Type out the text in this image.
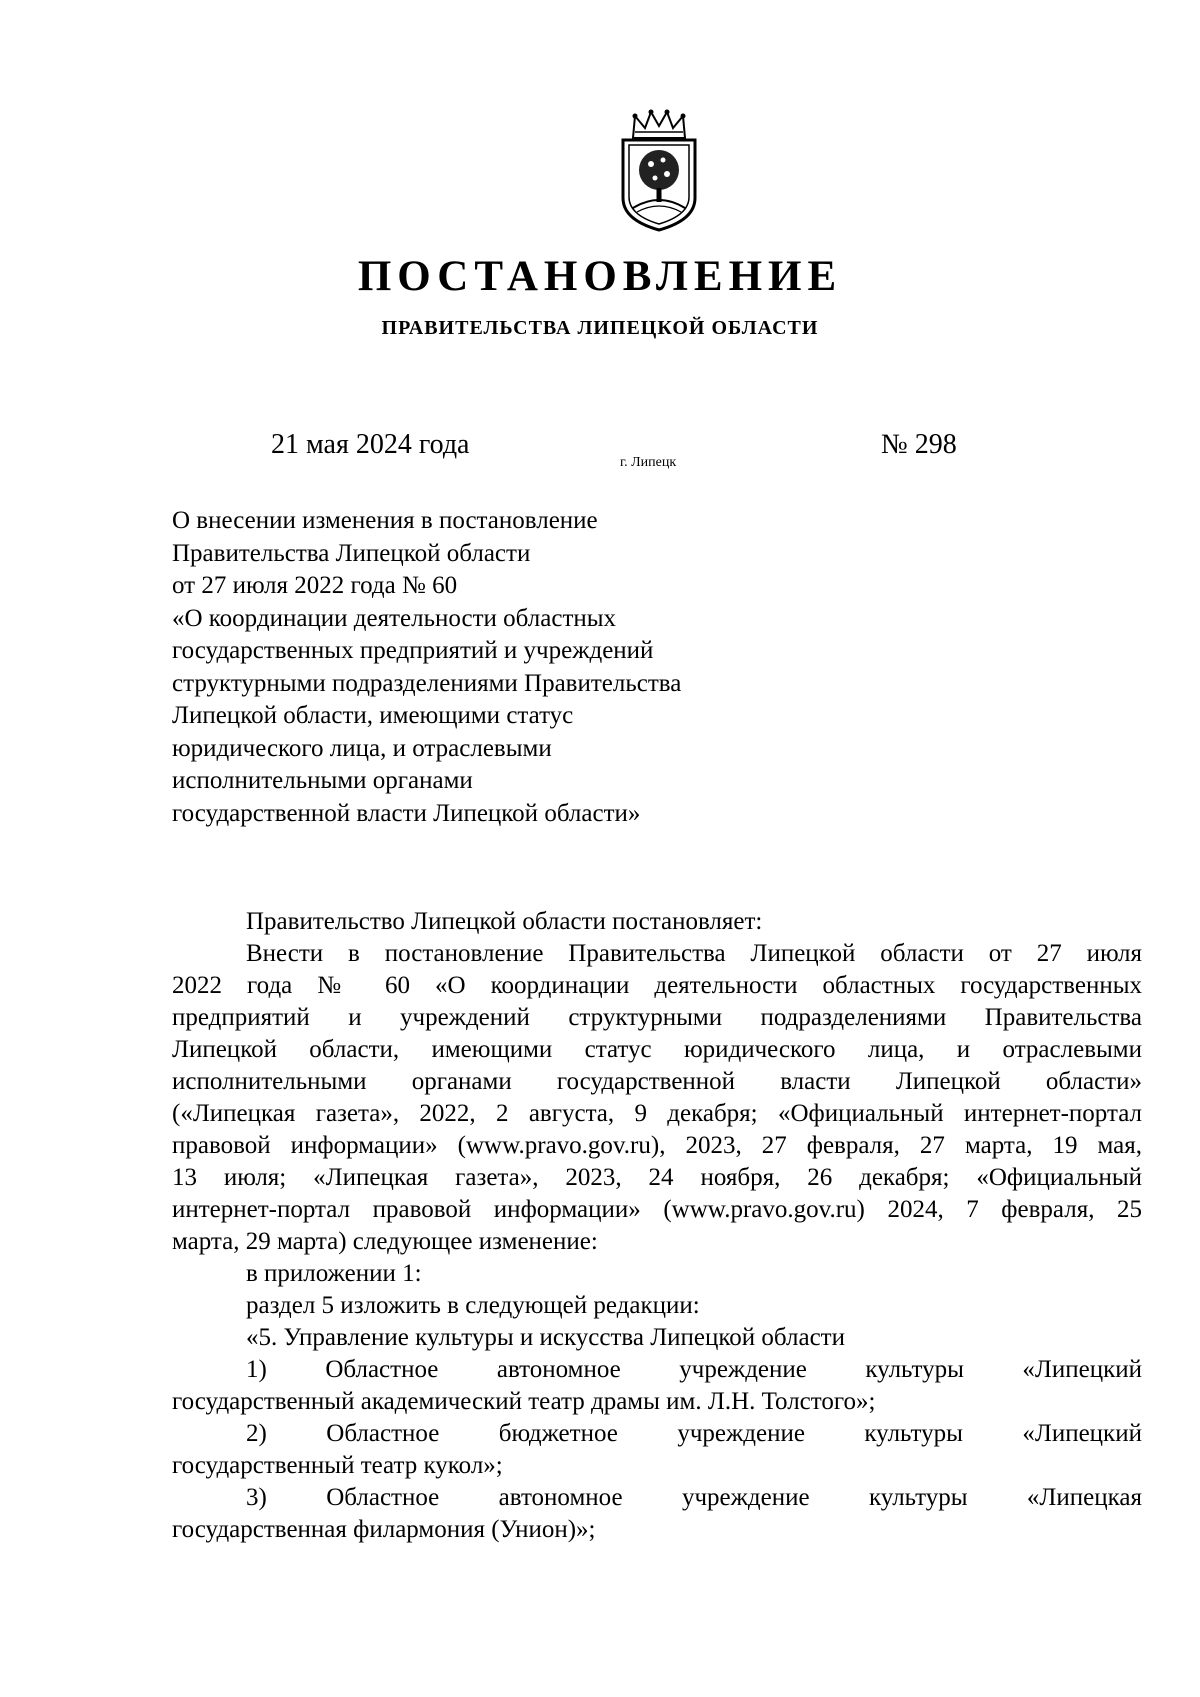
ПОСТАНОВЛЕНИЕ
ПРАВИТЕЛЬСТВА ЛИПЕЦКОЙ ОБЛАСТИ
21 мая 2024 года
г. Липецк
№ 298
О внесении изменения в постановление
Правительства Липецкой области
от 27 июля 2022 года № 60
«О координации деятельности областных
государственных предприятий и учреждений
структурными подразделениями Правительства
Липецкой области, имеющими статус
юридического лица, и отраслевыми
исполнительными органами
государственной власти Липецкой области»

Правительство Липецкой области постановляет:

Внести в постановление Правительства Липецкой области от 27 июля

2022 года № 60 «О координации деятельности областных государственных

предприятий и учреждений структурными подразделениями Правительства

Липецкой области, имеющими статус юридического лица, и отраслевыми

исполнительными органами государственной власти Липецкой области»

(«Липецкая газета», 2022, 2 августа, 9 декабря; «Официальный интернет-портал

правовой информации» (www.pravo.gov.ru), 2023, 27 февраля, 27 марта, 19 мая,

13 июля; «Липецкая газета», 2023, 24 ноября, 26 декабря; «Официальный

интернет-портал правовой информации» (www.pravo.gov.ru) 2024, 7 февраля, 25

марта, 29 марта) следующее изменение:

в приложении 1:

раздел 5 изложить в следующей редакции:

«5. Управление культуры и искусства Липецкой области

1) Областное автономное учреждение культуры «Липецкий

государственный академический театр драмы им. Л.Н. Толстого»;

2) Областное бюджетное учреждение культуры «Липецкий

государственный театр кукол»;

3) Областное автономное учреждение культуры «Липецкая

государственная филармония (Унион)»;
